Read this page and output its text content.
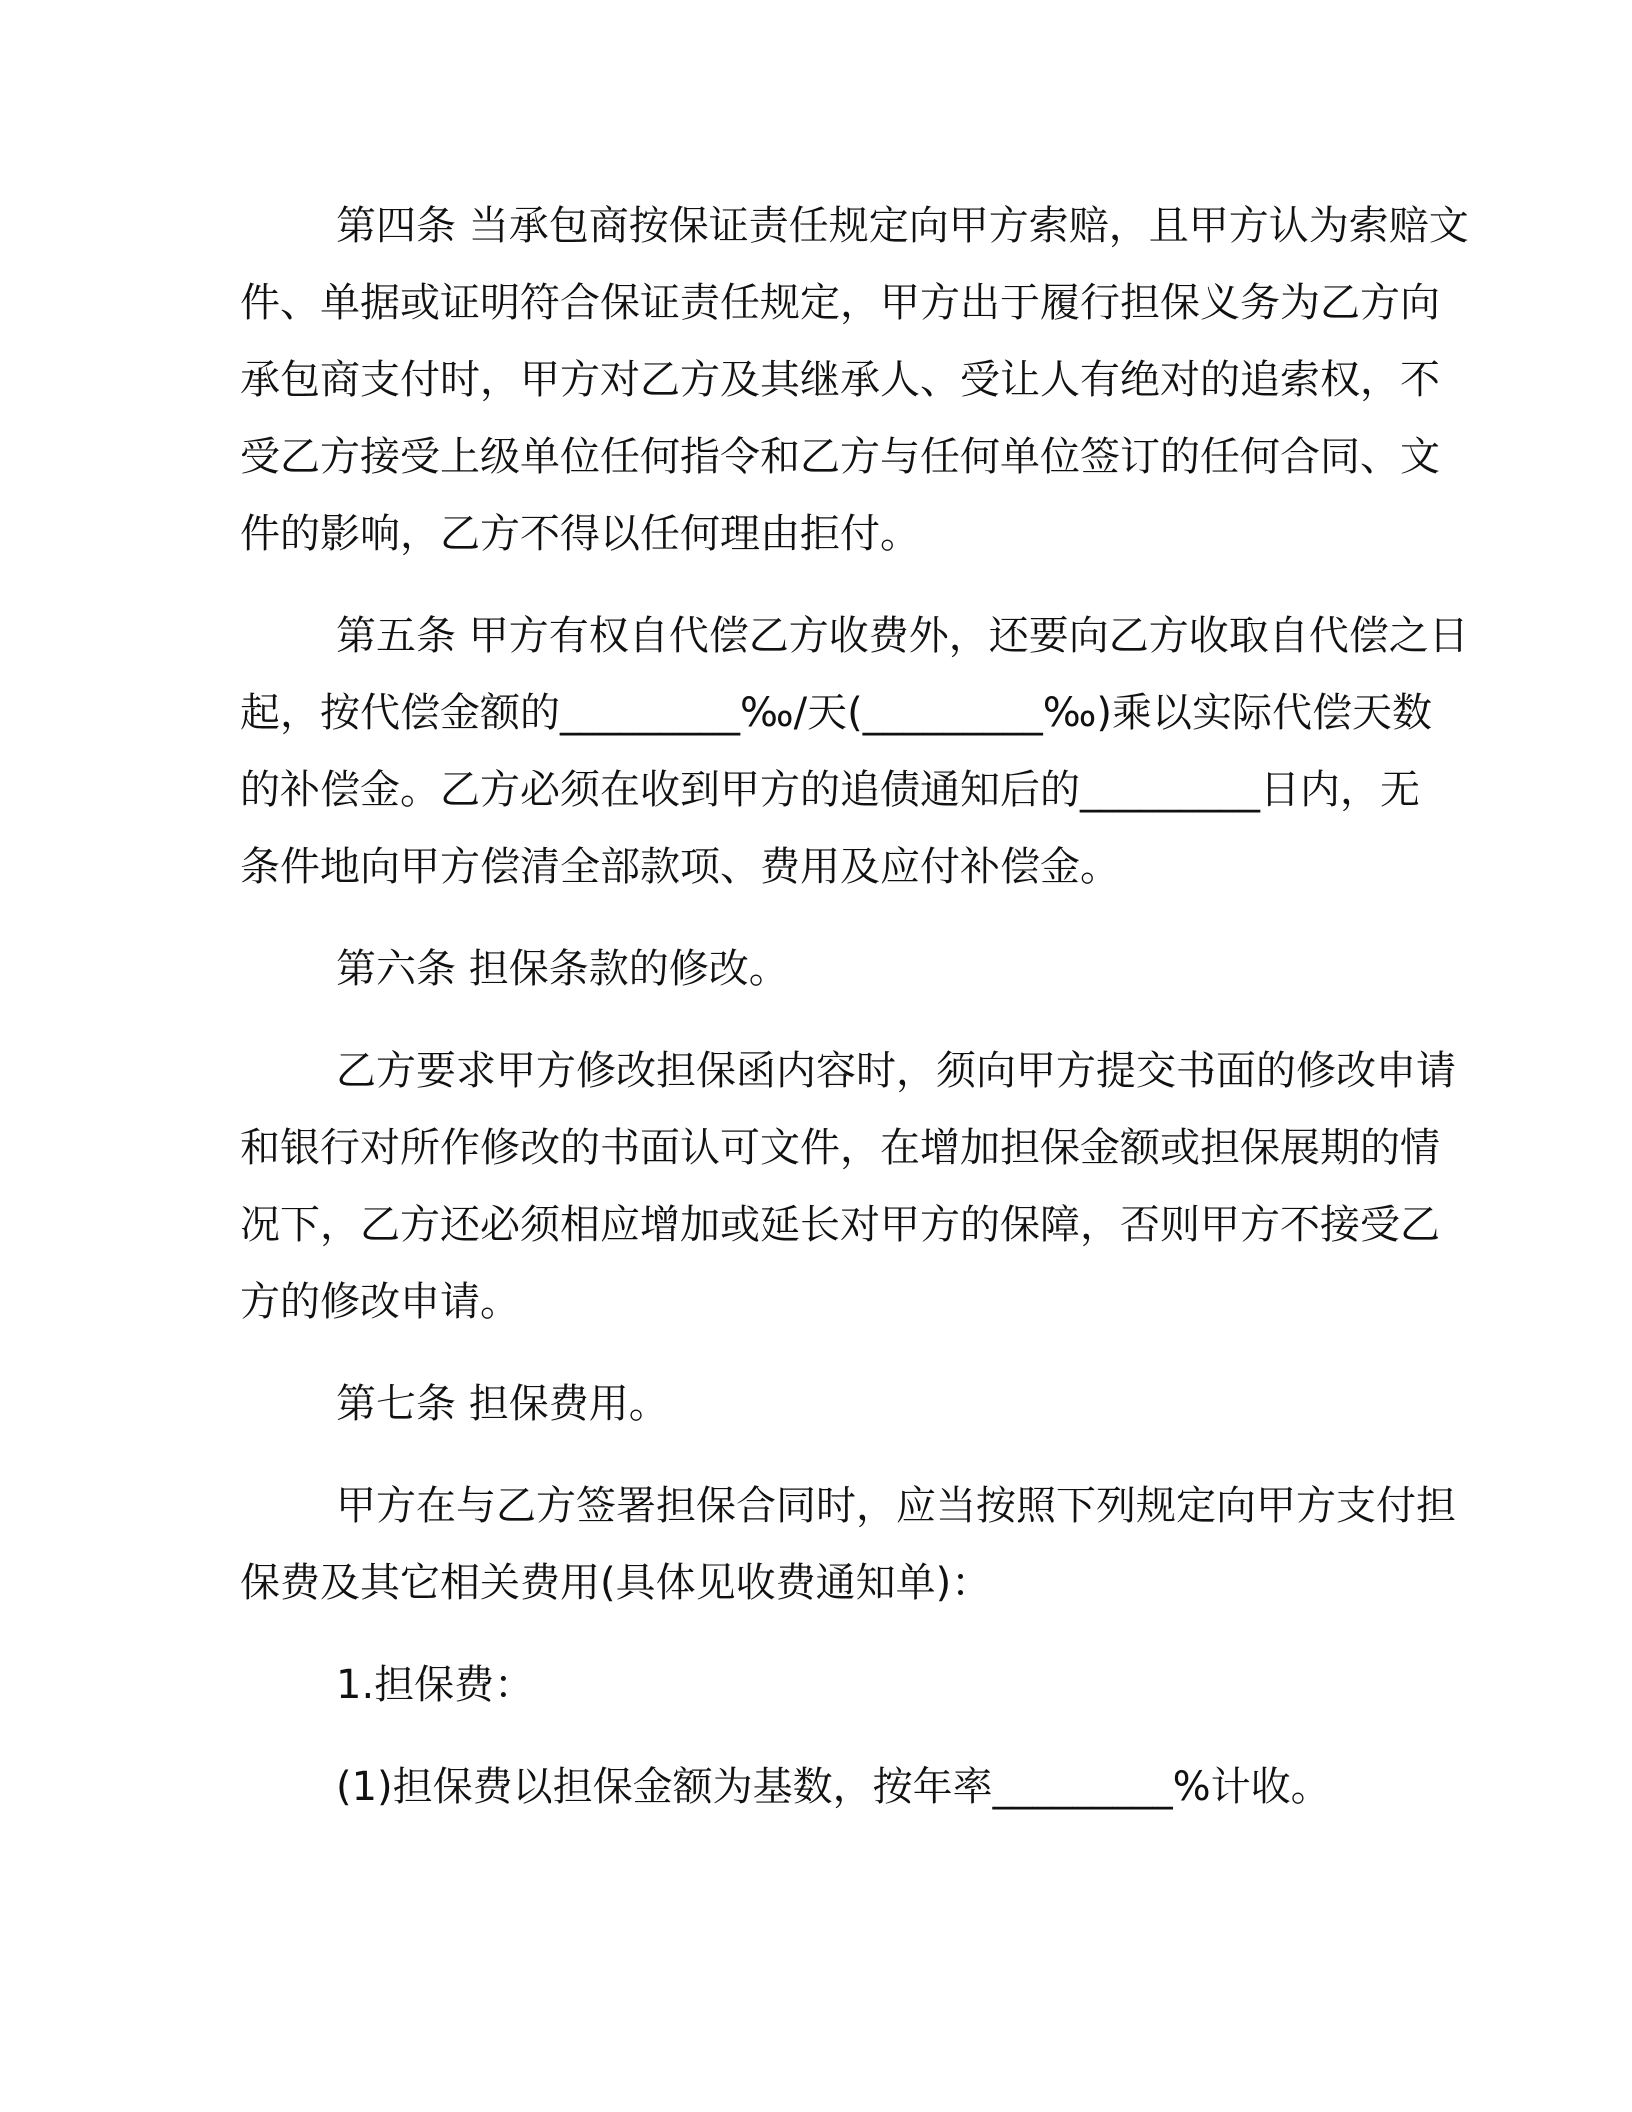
第四条 当承包商按保证责任规定向甲方索赔，且甲方认为索赔文
件、单据或证明符合保证责任规定，甲方出于履行担保义务为乙方向
承包商支付时，甲方对乙方及其继承人、受让人有绝对的追索权，不
受乙方接受上级单位任何指令和乙方与任何单位签订的任何合同、文
件的影响，乙方不得以任何理由拒付。

第五条 甲方有权自代偿乙方收费外，还要向乙方收取自代偿之日
起，按代偿金额的_________‰/天(_________‰)乘以实际代偿天数
的补偿金。乙方必须在收到甲方的追债通知后的_________日内，无
条件地向甲方偿清全部款项、费用及应付补偿金。

第六条 担保条款的修改。

乙方要求甲方修改担保函内容时，须向甲方提交书面的修改申请
和银行对所作修改的书面认可文件，在增加担保金额或担保展期的情
况下，乙方还必须相应增加或延长对甲方的保障，否则甲方不接受乙
方的修改申请。

第七条 担保费用。

甲方在与乙方签署担保合同时，应当按照下列规定向甲方支付担
保费及其它相关费用(具体见收费通知单)：

1.担保费：

(1)担保费以担保金额为基数，按年率_________%计收。
